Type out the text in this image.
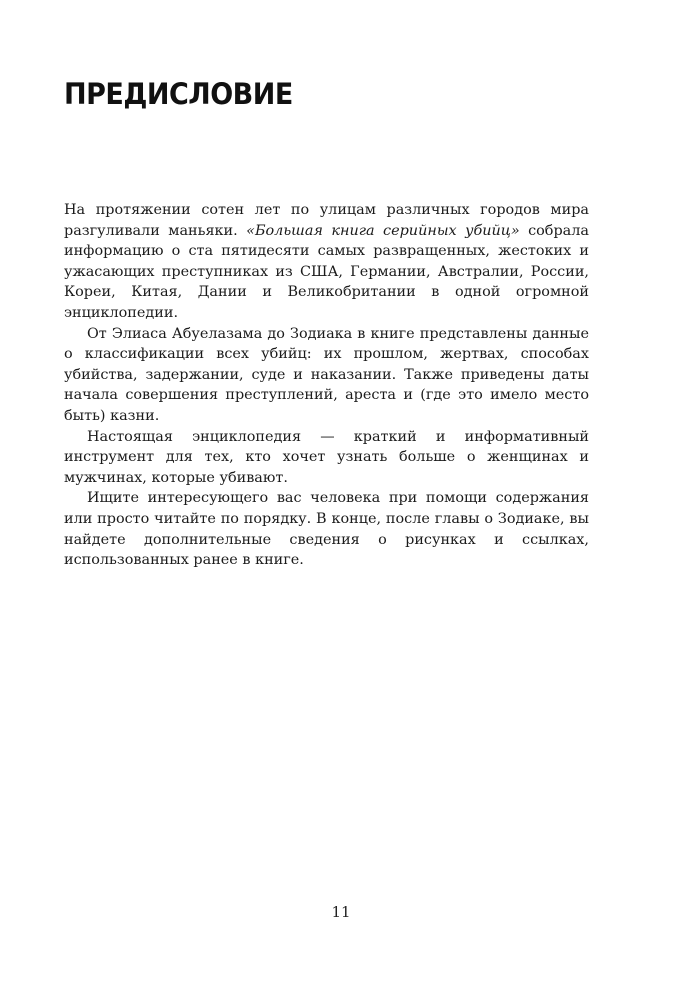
ПРЕДИСЛОВИЕ

На протяжении сотен лет по улицам различных городов мира разгуливали маньяки. «Большая книга серийных убийц» собрала информацию о ста пятидесяти самых развращенных, жестоких и ужасающих преступниках из США, Германии, Австралии, России, Кореи, Китая, Дании и Великобритании в одной огромной энциклопедии.

От Элиаса Абуелазама до Зодиака в книге представлены данные о классификации всех убийц: их прошлом, жертвах, способах убийства, задержании, суде и наказании. Также приведены даты начала совершения преступлений, ареста и (где это имело место быть) казни.

Настоящая энциклопедия — краткий и информативный инструмент для тех, кто хочет узнать больше о женщинах и мужчинах, которые убивают.

Ищите интересующего вас человека при помощи содержания или просто читайте по порядку. В конце, после главы о Зодиаке, вы найдете дополнительные сведения о рисунках и ссылках, использованных ранее в книге.

11
